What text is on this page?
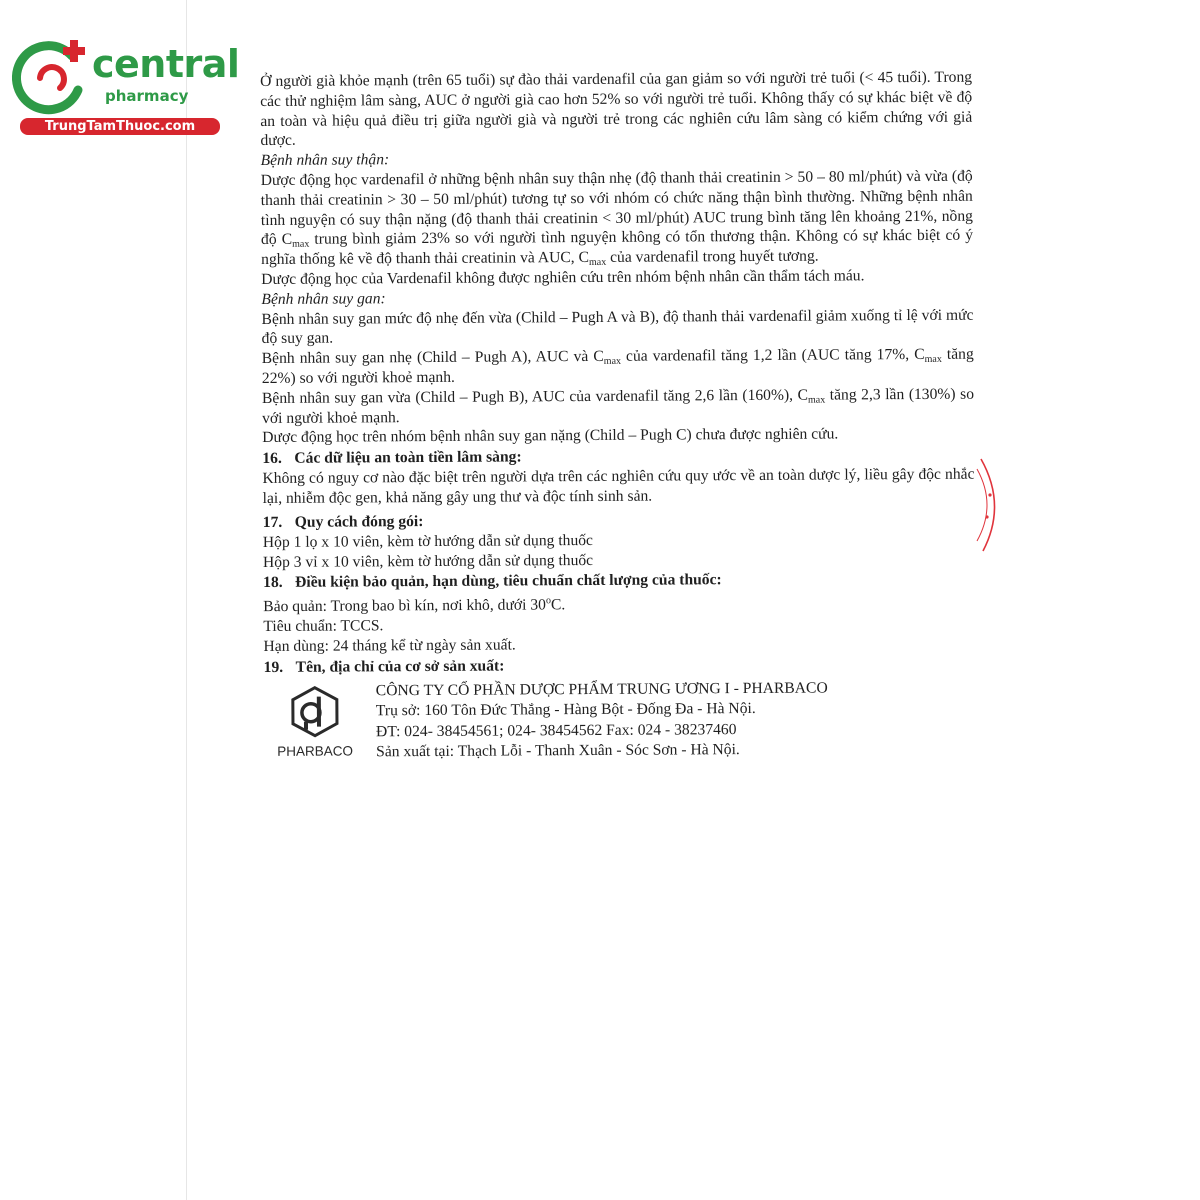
central
pharmacy
TrungTamThuoc.com

Ở người già khỏe mạnh (trên 65 tuổi) sự đào thải vardenafil của gan giảm so với người trẻ tuổi (< 45 tuổi). Trong các thử nghiệm lâm sàng, AUC ở người già cao hơn 52% so với người trẻ tuổi. Không thấy có sự khác biệt về độ an toàn và hiệu quả điều trị giữa người già và người trẻ trong các nghiên cứu lâm sàng có kiểm chứng với giả dược.

Bệnh nhân suy thận:

Dược động học vardenafil ở những bệnh nhân suy thận nhẹ (độ thanh thải creatinin > 50 – 80 ml/phút) và vừa (độ thanh thải creatinin > 30 – 50 ml/phút) tương tự so với nhóm có chức năng thận bình thường. Những bệnh nhân tình nguyện có suy thận nặng (độ thanh thải creatinin < 30 ml/phút) AUC trung bình tăng lên khoảng 21%, nồng độ $C_{max}$ trung bình giảm 23% so với người tình nguyện không có tổn thương thận. Không có sự khác biệt có ý nghĩa thống kê về độ thanh thải creatinin và AUC, $C_{max}$ của vardenafil trong huyết tương.

Dược động học của Vardenafil không được nghiên cứu trên nhóm bệnh nhân cần thẩm tách máu.

Bệnh nhân suy gan:

Bệnh nhân suy gan mức độ nhẹ đến vừa (Child – Pugh A và B), độ thanh thải vardenafil giảm xuống tỉ lệ với mức độ suy gan.

Bệnh nhân suy gan nhẹ (Child – Pugh A), AUC và $C_{max}$ của vardenafil tăng 1,2 lần (AUC tăng 17%, $C_{max}$ tăng 22%) so với người khoẻ mạnh.

Bệnh nhân suy gan vừa (Child – Pugh B), AUC của vardenafil tăng 2,6 lần (160%), $C_{max}$ tăng 2,3 lần (130%) so với người khoẻ mạnh.

Dược động học trên nhóm bệnh nhân suy gan nặng (Child – Pugh C) chưa được nghiên cứu.

16. Các dữ liệu an toàn tiền lâm sàng:

Không có nguy cơ nào đặc biệt trên người dựa trên các nghiên cứu quy ước về an toàn dược lý, liều gây độc nhắc lại, nhiễm độc gen, khả năng gây ung thư và độc tính sinh sản.

17. Quy cách đóng gói:

Hộp 1 lọ x 10 viên, kèm tờ hướng dẫn sử dụng thuốc

Hộp 3 vỉ x 10 viên, kèm tờ hướng dẫn sử dụng thuốc

18. Điều kiện bảo quản, hạn dùng, tiêu chuẩn chất lượng của thuốc:

Bảo quản: Trong bao bì kín, nơi khô, dưới 30$^o$C.

Tiêu chuẩn: TCCS.

Hạn dùng: 24 tháng kể từ ngày sản xuất.

19. Tên, địa chỉ của cơ sở sản xuất:
PHARBACO
CÔNG TY CỔ PHẦN DƯỢC PHẨM TRUNG ƯƠNG I - PHARBACO
Trụ sở: 160 Tôn Đức Thắng - Hàng Bột - Đống Đa - Hà Nội.
ĐT: 024- 38454561; 024- 38454562 Fax: 024 - 38237460
Sản xuất tại: Thạch Lỗi - Thanh Xuân - Sóc Sơn - Hà Nội.
